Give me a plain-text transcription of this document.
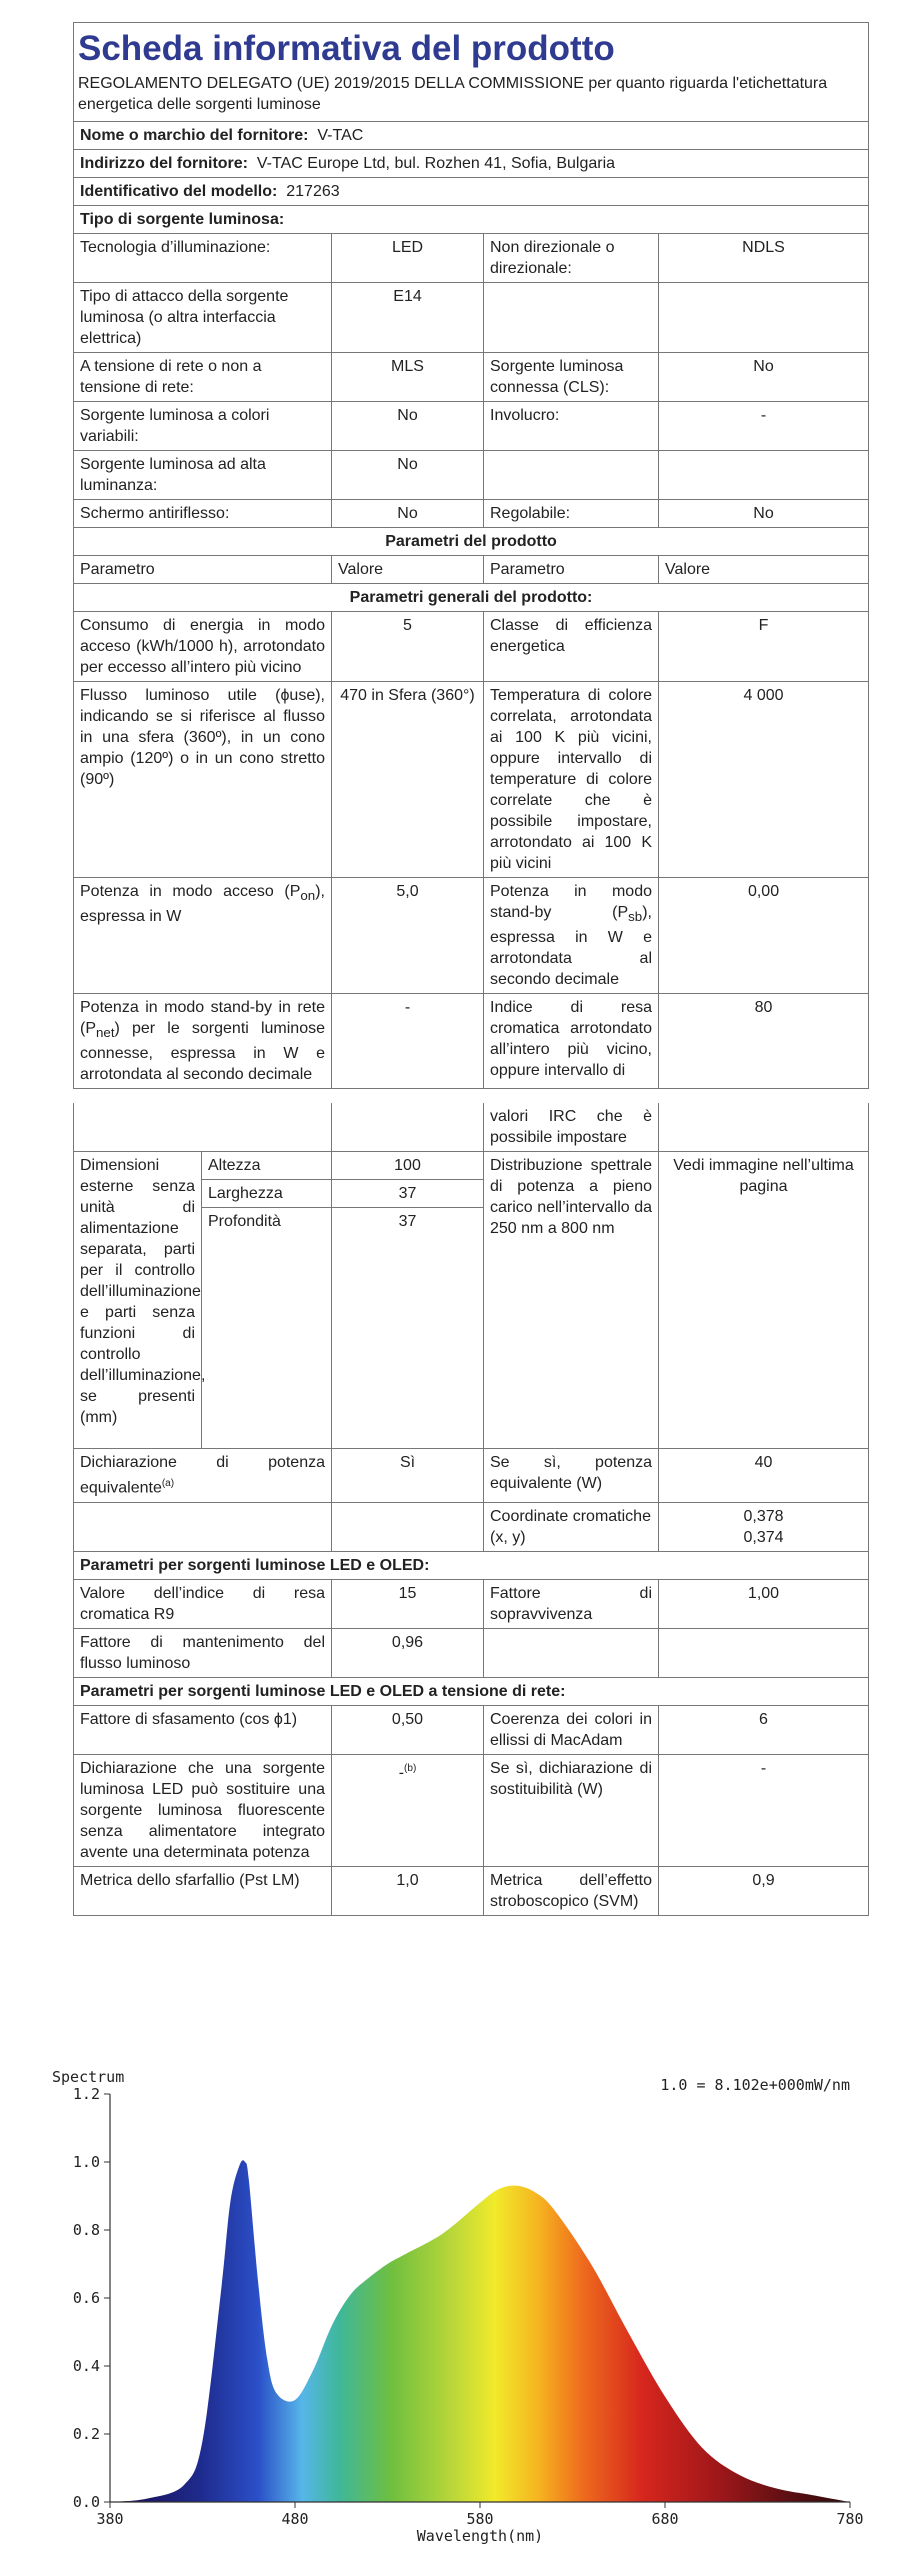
Scheda informativa del prodotto
REGOLAMENTO DELEGATO (UE) 2019/2015 DELLA COMMISSIONE per quanto riguarda l'etichettatura energetica delle sorgenti luminose			

Nome o marchio del fornitore: V-TAC			
Indirizzo del fornitore: V-TAC Europe Ltd, bul. Rozhen 41, Sofia, Bulgaria			
Identificativo del modello: 217263			
Tipo di sorgente luminosa:			
Tecnologia d’illuminazione:	LED	Non direzionale o direzionale:	NDLS
Tipo di attacco della sorgente luminosa (o altra interfaccia elettrica)	E14		
A tensione di rete o non a tensione di rete:	MLS	Sorgente luminosa connessa (CLS):	No
Sorgente luminosa a colori variabili:	No	Involucro:	-
Sorgente luminosa ad alta luminanza:	No		
Schermo antiriflesso:	No	Regolabile:	No
Parametri del prodotto			
Parametro	Valore	Parametro	Valore
Parametri generali del prodotto:			
Consumo di energia in modo acceso (kWh/1000 h), arrotondato per eccesso all’intero più vicino	5	Classe di efficienza energetica	F
Flusso luminoso utile (ϕuse), indicando se si riferisce al flusso in una sfera (360º), in un cono ampio (120º) o in un cono stretto (90º)	470 in Sfera (360°)	Temperatura di colore correlata, arrotondata ai 100 K più vicini, oppure intervallo di temperature di colore correlate che è possibile impostare, arrotondato ai 100 K più vicini	4 000
Potenza in modo acceso $(P_{on})$, espressa in W	5,0	Potenza in modo stand-by $(P_{sb})$, espressa in W e arrotondata al secondo decimale	0,00
Potenza in modo stand-by in rete $(P_{net})$ per le sorgenti luminose connesse, espressa in W e arrotondata al secondo decimale	-	Indice di resa cromatica arrotondato all’intero più vicino, oppure intervallo di	80
			valori IRC che è possibile impostare	
Dimensioni esterne senza unità di alimentazione separata, parti per il controllo dell’illuminazione e parti senza funzioni di controllo dell’illuminazione, se presenti (mm)	Altezza	100	Distribuzione spettrale di potenza a pieno carico nell’intervallo da 250 nm a 800 nm	Vedi immagine nell’ultima pagina
	Larghezza	37		
	Profondità	37		
Dichiarazione di potenza equivalente$^{(a)}$		Sì	Se sì, potenza equivalente (W)	40
			Coordinate cromatiche (x, y)	0,378
0,374

Parametri per sorgenti luminose LED e OLED:				
Valore dell’indice di resa cromatica R9		15	Fattore di sopravvivenza	1,00
Fattore di mantenimento del flusso luminoso		0,96		
Parametri per sorgenti luminose LED e OLED a tensione di rete:				
Fattore di sfasamento (cos ϕ1)		0,50	Coerenza dei colori in ellissi di MacAdam	6
Dichiarazione che una sorgente luminosa LED può sostituire una sorgente luminosa fluorescente senza alimentatore integrato avente una determinata potenza		-$^{(b)}$	Se sì, dichiarazione di sostituibilità (W)	-
Metrica dello sfarfallio (Pst LM)		1,0	Metrica dell’effetto stroboscopico (SVM)	0,9
Spectrum	1.0 = 8.102e+000mW/nm
0.0
0.2
0.4
0.6
0.8
1.0
1.2
380	480	580	680	780
Wavelength(nm)
